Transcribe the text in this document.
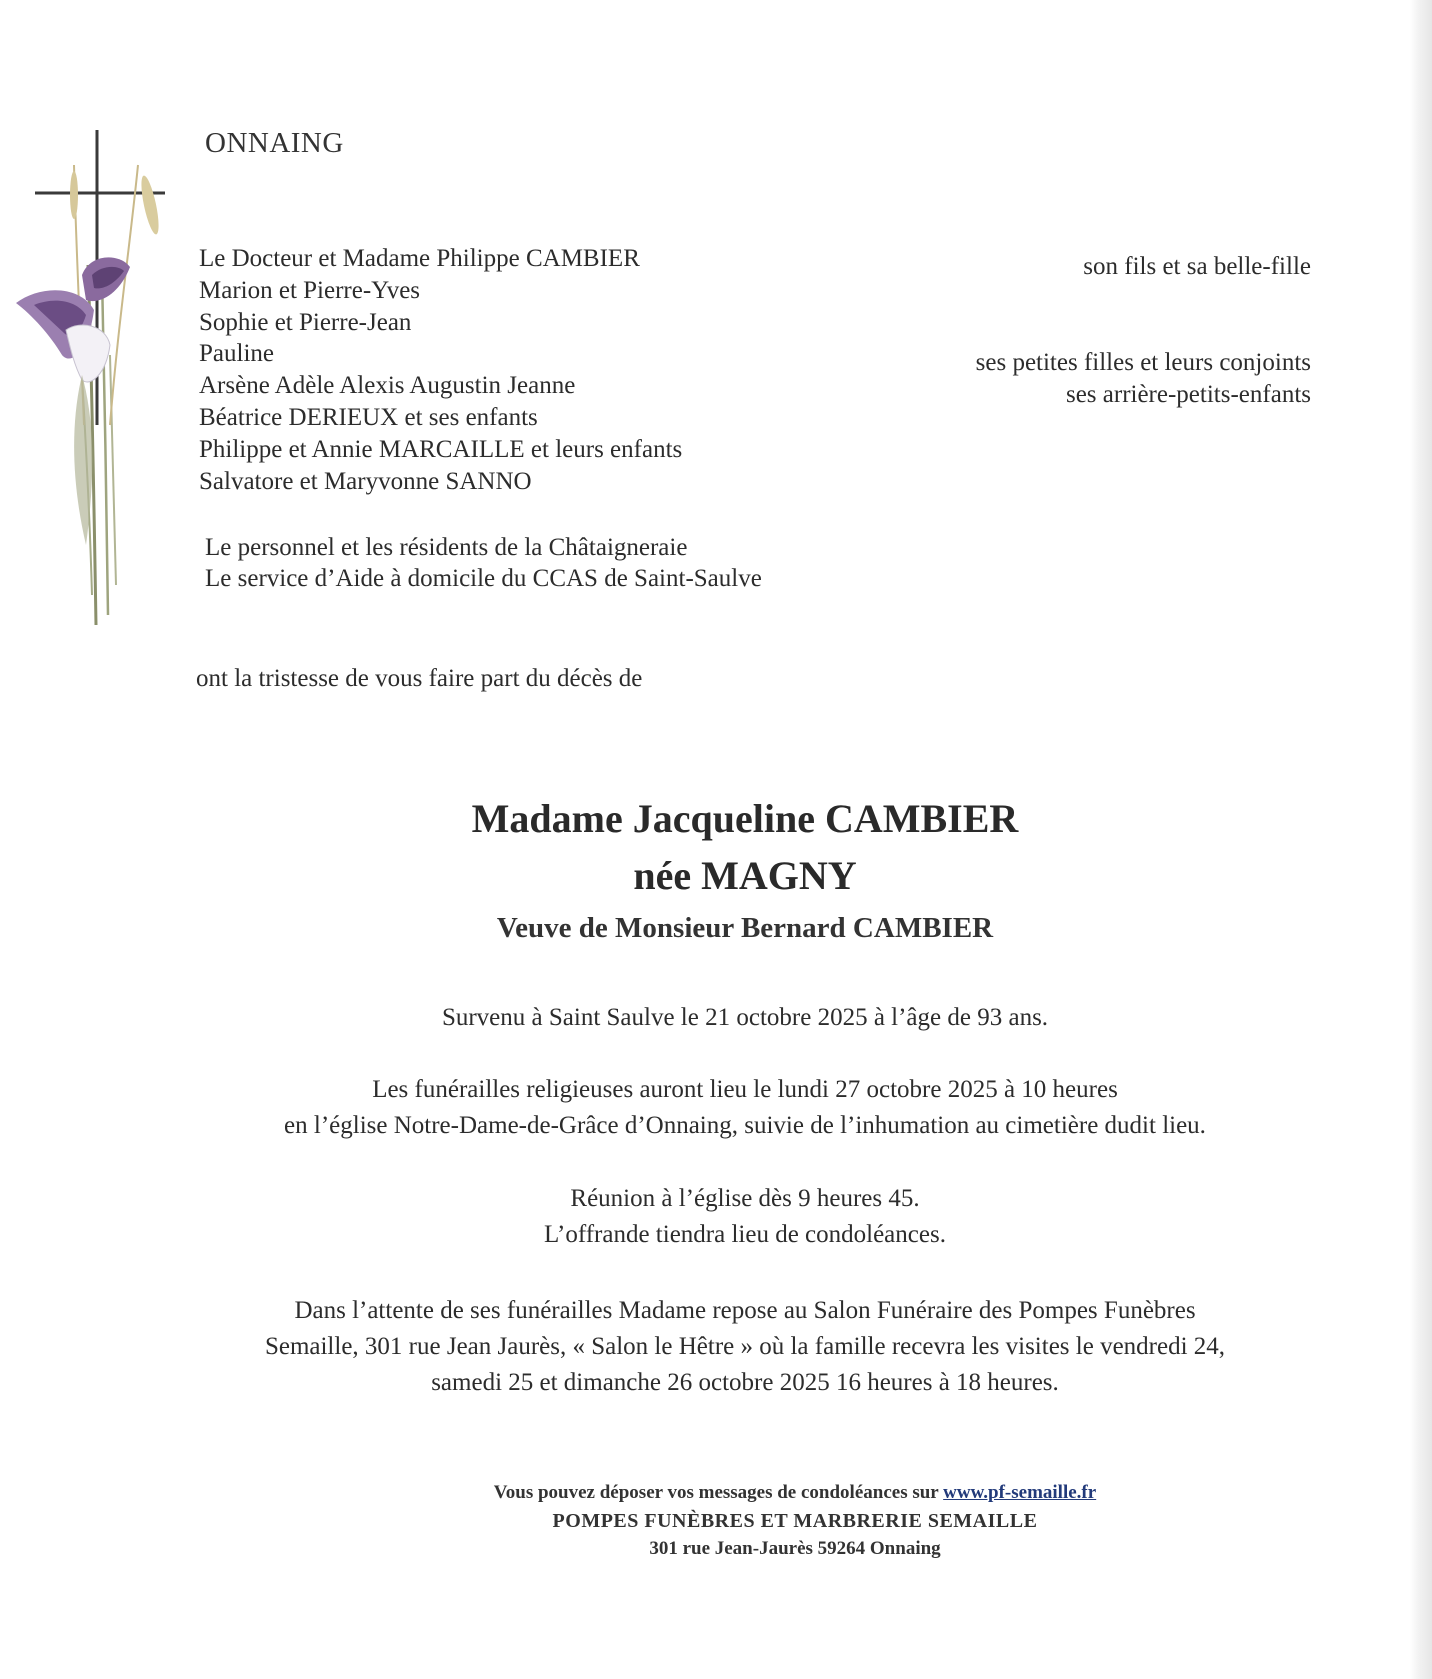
ONNAING
Le Docteur et Madame Philippe CAMBIER
Marion et Pierre-Yves
Sophie et Pierre-Jean
Pauline
Arsène Adèle Alexis Augustin Jeanne
Béatrice DERIEUX et ses enfants
Philippe et Annie MARCAILLE et leurs enfants
Salvatore et Maryvonne SANNO
son fils et sa belle-fille
ses petites filles et leurs conjoints
ses arrière-petits-enfants
Le personnel et les résidents de la Châtaigneraie
Le service d’Aide à domicile du CCAS de Saint-Saulve
ont la tristesse de vous faire part du décès de
Madame Jacqueline CAMBIER
née MAGNY
Veuve de Monsieur Bernard CAMBIER
Survenu à Saint Saulve le 21 octobre 2025 à l’âge de 93 ans.
Les funérailles religieuses auront lieu le lundi 27 octobre 2025 à 10 heures
en l’église Notre-Dame-de-Grâce d’Onnaing, suivie de l’inhumation au cimetière dudit lieu.
Réunion à l’église dès 9 heures 45.
L’offrande tiendra lieu de condoléances.
Dans l’attente de ses funérailles Madame repose au Salon Funéraire des Pompes Funèbres
Semaille, 301 rue Jean Jaurès, « Salon le Hêtre » où la famille recevra les visites le vendredi 24,
samedi 25 et dimanche 26 octobre 2025 16 heures à 18 heures.
Vous pouvez déposer vos messages de condoléances sur www.pf-semaille.fr
POMPES FUNÈBRES ET MARBRERIE SEMAILLE
301 rue Jean-Jaurès 59264 Onnaing
